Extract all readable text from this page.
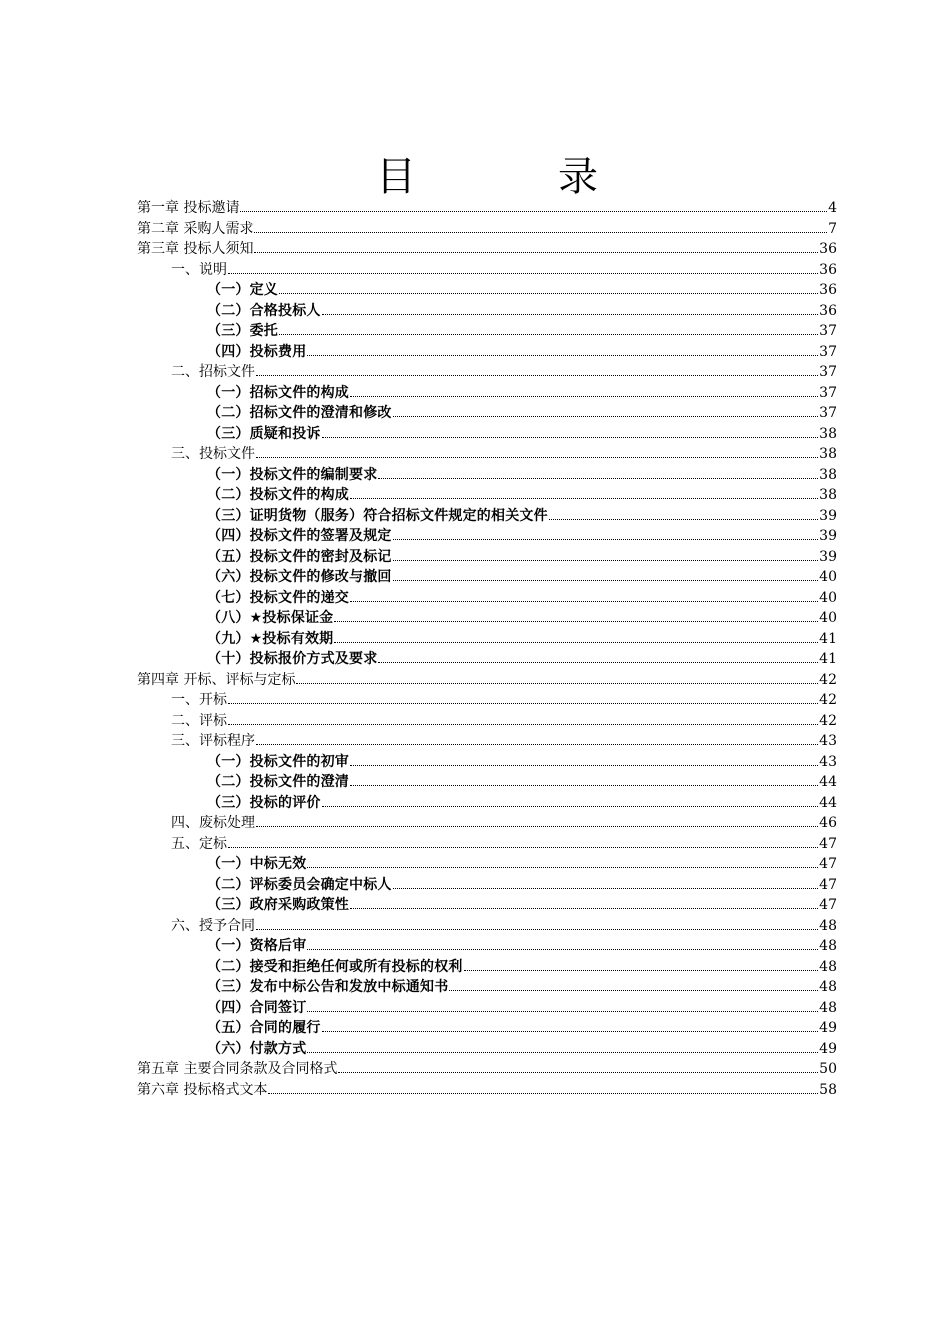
目	录
第一章 投标邀请	4
第二章 采购人需求	7
第三章 投标人须知	36
一、说明	36
（一）定义	36
（二）合格投标人	36
（三）委托	37
（四）投标费用	37
二、招标文件	37
（一）招标文件的构成	37
（二）招标文件的澄清和修改	37
（三）质疑和投诉	38
三、投标文件	38
（一）投标文件的编制要求	38
（二）投标文件的构成	38
（三）证明货物（服务）符合招标文件规定的相关文件	39
（四）投标文件的签署及规定	39
（五）投标文件的密封及标记	39
（六）投标文件的修改与撤回	40
（七）投标文件的递交	40
（八）★投标保证金	40
（九）★投标有效期	41
（十）投标报价方式及要求	41
第四章 开标、评标与定标	42
一、开标	42
二、评标	42
三、评标程序	43
（一）投标文件的初审	43
（二）投标文件的澄清	44
（三）投标的评价	44
四、废标处理	46
五、定标	47
（一）中标无效	47
（二）评标委员会确定中标人	47
（三）政府采购政策性	47
六、授予合同	48
（一）资格后审	48
（二）接受和拒绝任何或所有投标的权利	48
（三）发布中标公告和发放中标通知书	48
（四）合同签订	48
（五）合同的履行	49
（六）付款方式	49
第五章 主要合同条款及合同格式	50
第六章 投标格式文本	58
